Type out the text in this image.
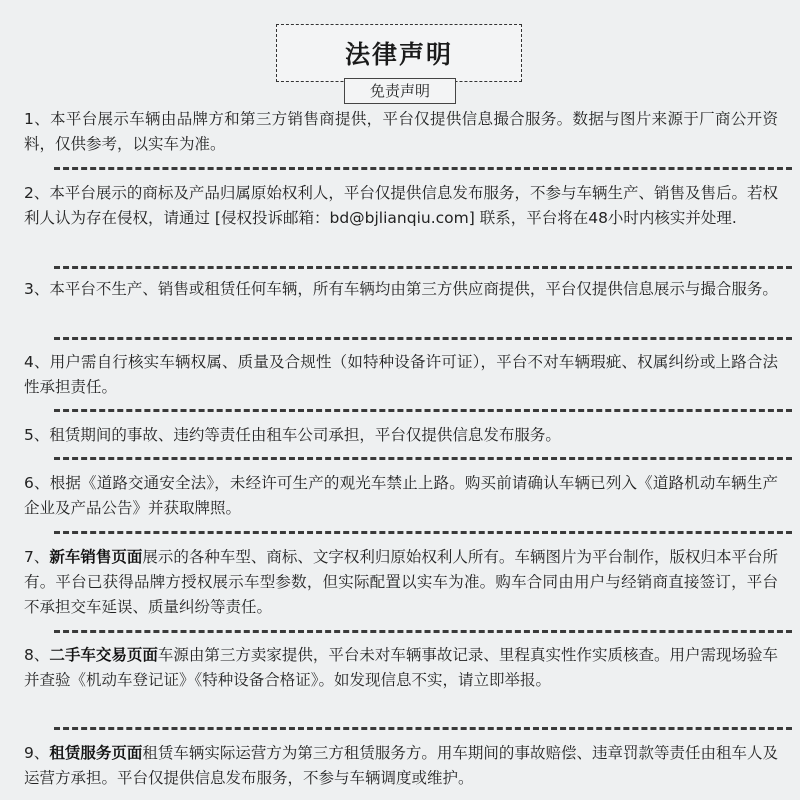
法律声明
免责声明
1、本平台展示车辆由品牌方和第三方销售商提供，平台仅提供信息撮合服务。数据与图片来源于厂商公开资料，仅供参考，以实车为准。
2、本平台展示的商标及产品归属原始权利人，平台仅提供信息发布服务，不参与车辆生产、销售及售后。若权利人认为存在侵权，请通过 [侵权投诉邮箱：bd@bjlianqiu.com] 联系，平台将在48小时内核实并处理.
3、本平台不生产、销售或租赁任何车辆，所有车辆均由第三方供应商提供，平台仅提供信息展示与撮合服务。
4、用户需自行核实车辆权属、质量及合规性（如特种设备许可证），平台不对车辆瑕疵、权属纠纷或上路合法性承担责任。
5、租赁期间的事故、违约等责任由租车公司承担，平台仅提供信息发布服务。
6、根据《道路交通安全法》，未经许可生产的观光车禁止上路。购买前请确认车辆已列入《道路机动车辆生产企业及产品公告》并获取牌照。
7、新车销售页面展示的各种车型、商标、文字权利归原始权利人所有。车辆图片为平台制作，版权归本平台所有。平台已获得品牌方授权展示车型参数，但实际配置以实车为准。购车合同由用户与经销商直接签订，平台不承担交车延误、质量纠纷等责任。
8、二手车交易页面车源由第三方卖家提供，平台未对车辆事故记录、里程真实性作实质核查。用户需现场验车并查验《机动车登记证》《特种设备合格证》。如发现信息不实，请立即举报。
9、租赁服务页面租赁车辆实际运营方为第三方租赁服务方。用车期间的事故赔偿、违章罚款等责任由租车人及运营方承担。平台仅提供信息发布服务，不参与车辆调度或维护。
